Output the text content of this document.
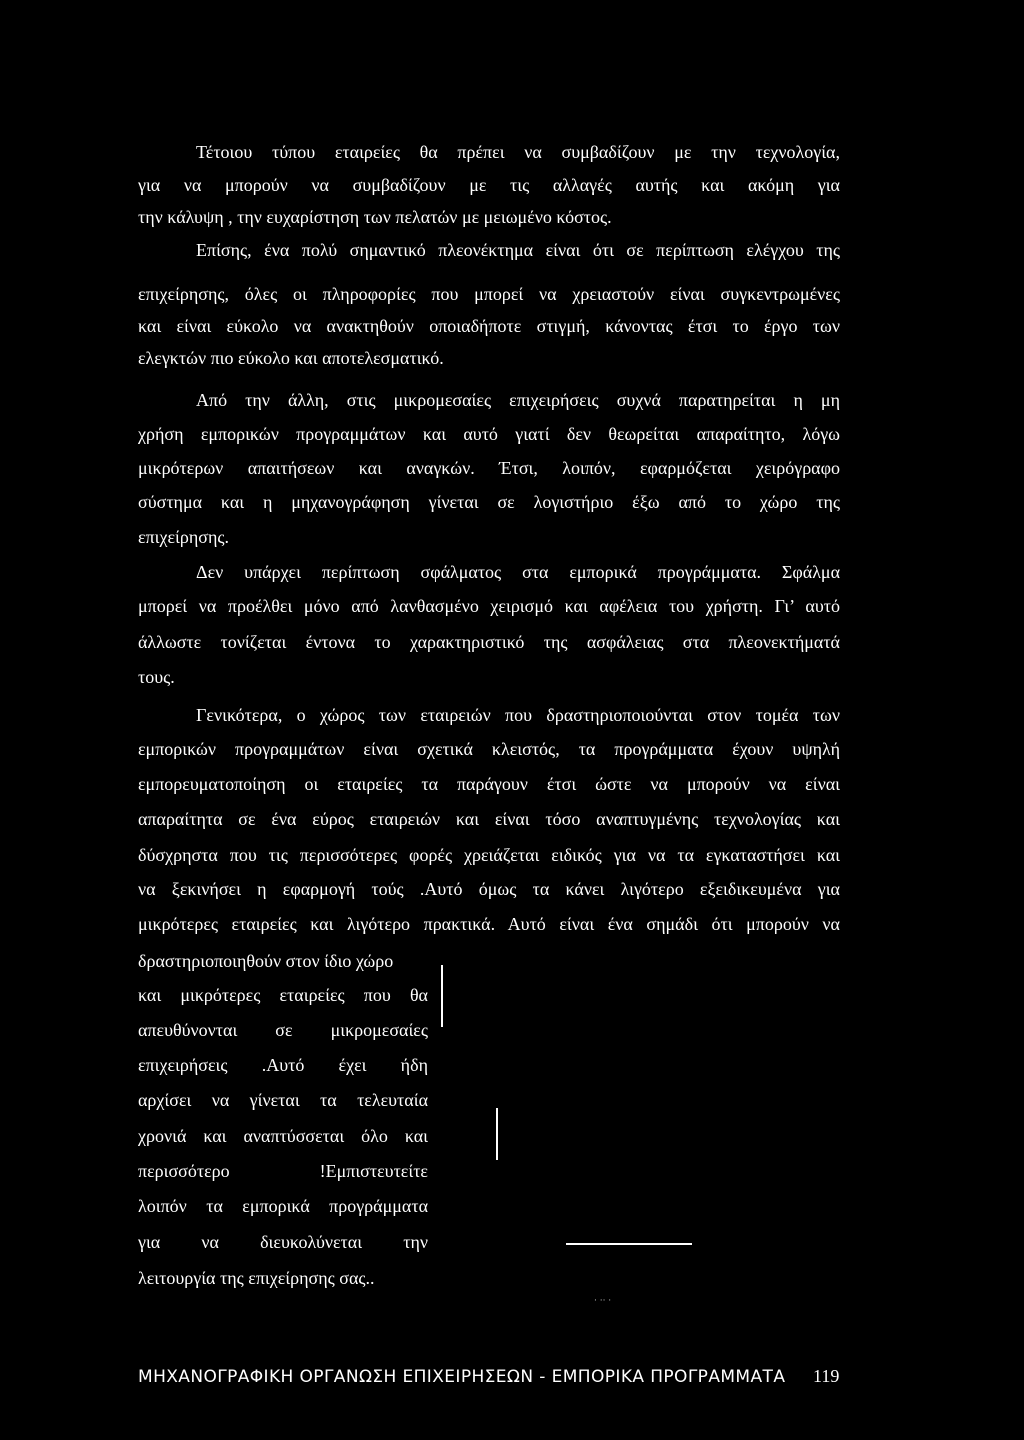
Τέτοιου τύπου εταιρείες θα πρέπει να συμβαδίζουν με την τεχνολογία,
για να μπορούν να συμβαδίζουν με τις αλλαγές αυτής και ακόμη για
την κάλυψη , την ευχαρίστηση των πελατών με μειωμένο κόστος.
Επίσης, ένα πολύ σημαντικό πλεονέκτημα είναι ότι σε περίπτωση ελέγχου της
επιχείρησης, όλες οι πληροφορίες που μπορεί να χρειαστούν είναι συγκεντρωμένες
και είναι εύκολο να ανακτηθούν οποιαδήποτε στιγμή, κάνοντας έτσι το έργο των
ελεγκτών πιο εύκολο και αποτελεσματικό.
Από την άλλη, στις μικρομεσαίες επιχειρήσεις συχνά παρατηρείται η μη
χρήση εμπορικών προγραμμάτων και αυτό γιατί δεν θεωρείται απαραίτητο, λόγω
μικρότερων απαιτήσεων και αναγκών. Έτσι, λοιπόν, εφαρμόζεται χειρόγραφο
σύστημα και η μηχανογράφηση γίνεται σε λογιστήριο έξω από το χώρο της
επιχείρησης.
Δεν υπάρχει περίπτωση σφάλματος στα εμπορικά προγράμματα. Σφάλμα
μπορεί να προέλθει μόνο από λανθασμένο χειρισμό και αφέλεια του χρήστη. Γι’ αυτό
άλλωστε τονίζεται έντονα το χαρακτηριστικό της ασφάλειας στα πλεονεκτήματά
τους.
Γενικότερα, ο χώρος των εταιρειών που δραστηριοποιούνται στον τομέα των
εμπορικών προγραμμάτων είναι σχετικά κλειστός, τα προγράμματα έχουν υψηλή
εμπορευματοποίηση οι εταιρείες τα παράγουν έτσι ώστε να μπορούν να είναι
απαραίτητα σε ένα εύρος εταιρειών και είναι τόσο αναπτυγμένης τεχνολογίας και
δύσχρηστα που τις περισσότερες φορές χρειάζεται ειδικός για να τα εγκαταστήσει και
να ξεκινήσει η εφαρμογή τούς .Αυτό όμως τα κάνει λιγότερο εξειδικευμένα για
μικρότερες εταιρείες και λιγότερο πρακτικά. Αυτό είναι ένα σημάδι ότι μπορούν να
δραστηριοποιηθούν στον ίδιο χώρο
και μικρότερες εταιρείες που θα
απευθύνονται σε μικρομεσαίες
επιχειρήσεις .Αυτό έχει ήδη
αρχίσει να γίνεται τα τελευταία
χρονιά και αναπτύσσεται όλο και
περισσότερο !Εμπιστευτείτε
λοιπόν τα εμπορικά προγράμματα
για να διευκολύνεται την
λειτουργία της επιχείρησης σας..
· ·· ·
ΜΗΧΑΝΟΓΡΑΦΙΚΗ ΟΡΓΑΝΩΣΗ ΕΠΙΧΕΙΡΗΣΕΩΝ - ΕΜΠΟΡΙΚΑ ΠΡΟΓΡΑΜΜΑΤΑ 119
